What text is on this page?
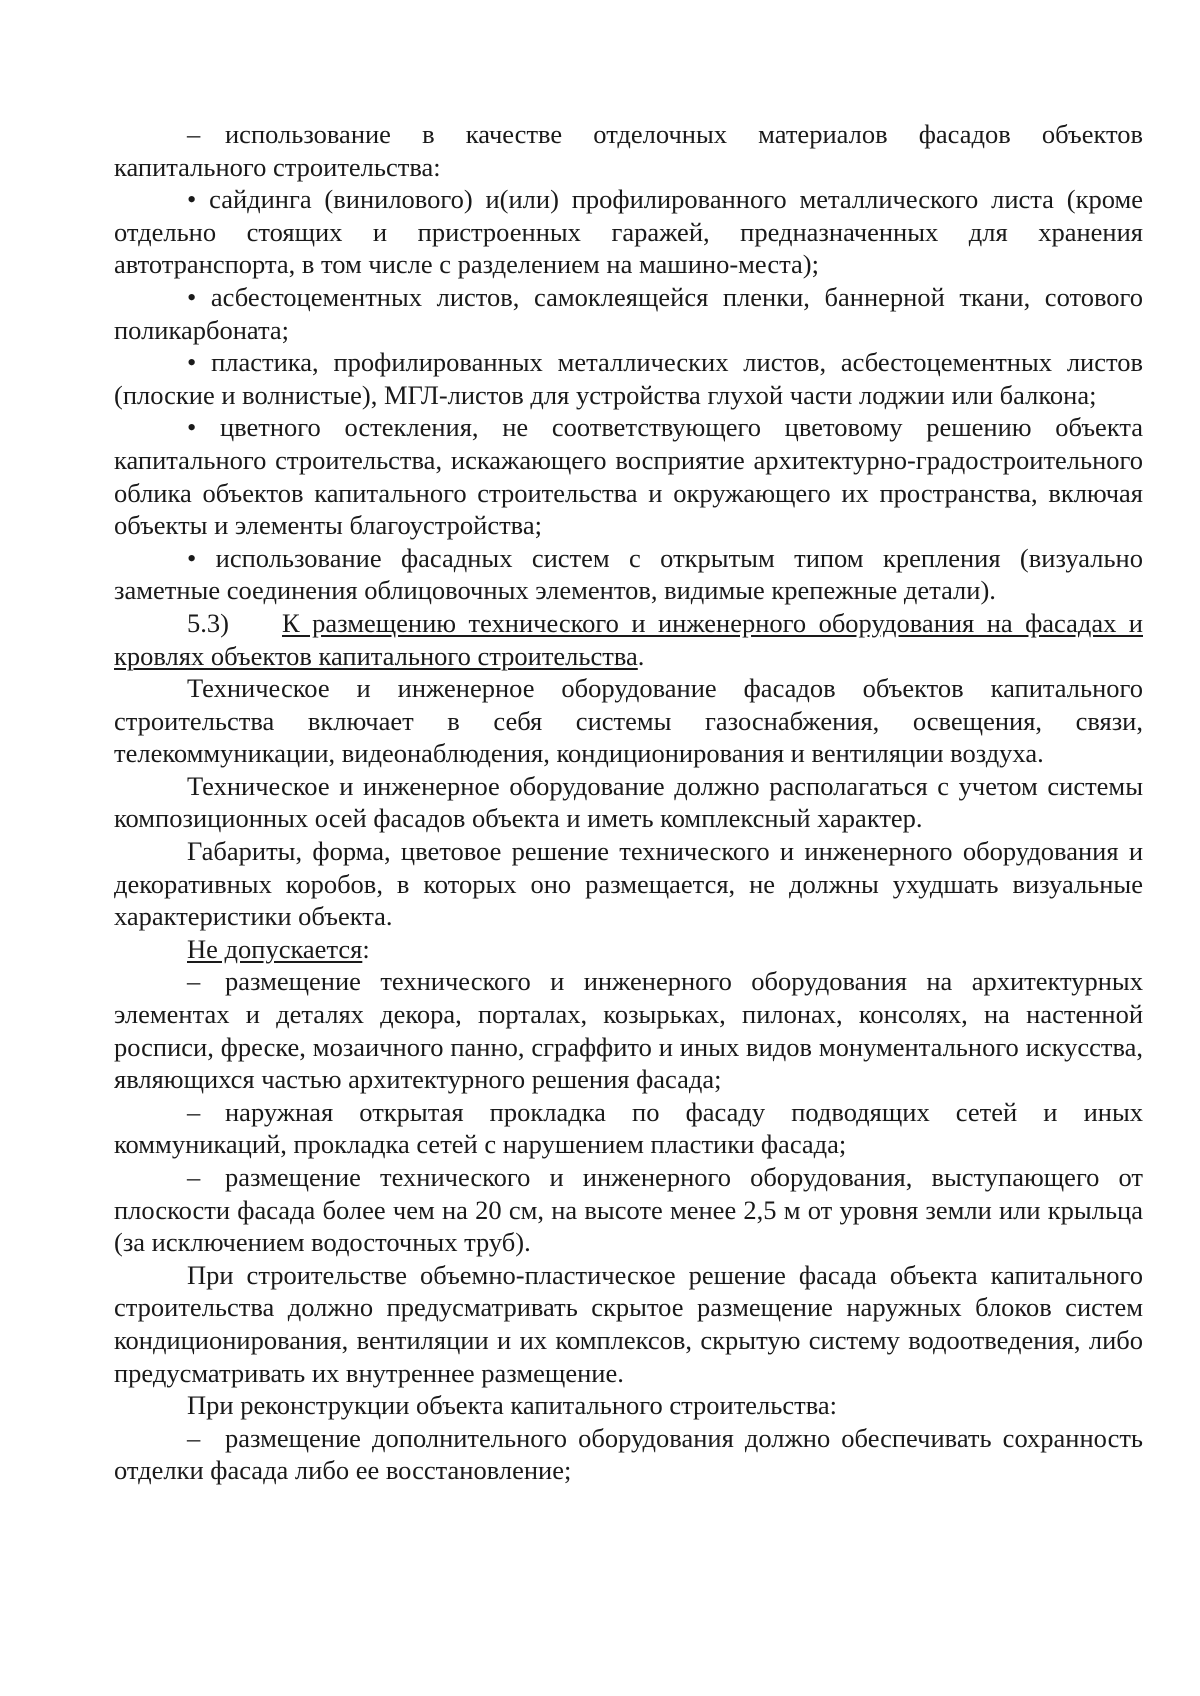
– использование в качестве отделочных материалов фасадов объектов капитального строительства:

• сайдинга (винилового) и(или) профилированного металлического листа (кроме отдельно стоящих и пристроенных гаражей, предназначенных для хранения автотранспорта, в том числе с разделением на машино-места);

• асбестоцементных листов, самоклеящейся пленки, баннерной ткани, сотового поликарбоната;

• пластика, профилированных металлических листов, асбестоцементных листов (плоские и волнистые), МГЛ-листов для устройства глухой части лоджии или балкона;

• цветного остекления, не соответствующего цветовому решению объекта капитального строительства, искажающего восприятие архитектурно-градостроительного облика объектов капитального строительства и окружающего их пространства, включая объекты и элементы благоустройства;

• использование фасадных систем с открытым типом крепления (визуально заметные соединения облицовочных элементов, видимые крепежные детали).

5.3) К размещению технического и инженерного оборудования на фасадах и кровлях объектов капитального строительства.

Техническое и инженерное оборудование фасадов объектов капитального строительства включает в себя системы газоснабжения, освещения, связи, телекоммуникации, видеонаблюдения, кондиционирования и вентиляции воздуха.

Техническое и инженерное оборудование должно располагаться с учетом системы композиционных осей фасадов объекта и иметь комплексный характер.

Габариты, форма, цветовое решение технического и инженерного оборудования и декоративных коробов, в которых оно размещается, не должны ухудшать визуальные характеристики объекта.

Не допускается:

– размещение технического и инженерного оборудования на архитектурных элементах и деталях декора, порталах, козырьках, пилонах, консолях, на настенной росписи, фреске, мозаичного панно, сграффито и иных видов монументального искусства, являющихся частью архитектурного решения фасада;

– наружная открытая прокладка по фасаду подводящих сетей и иных коммуникаций, прокладка сетей с нарушением пластики фасада;

– размещение технического и инженерного оборудования, выступающего от плоскости фасада более чем на 20 см, на высоте менее 2,5 м от уровня земли или крыльца (за исключением водосточных труб).

При строительстве объемно-пластическое решение фасада объекта капитального строительства должно предусматривать скрытое размещение наружных блоков систем кондиционирования, вентиляции и их комплексов, скрытую систему водоотведения, либо предусматривать их внутреннее размещение.

При реконструкции объекта капитального строительства:

– размещение дополнительного оборудования должно обеспечивать сохранность отделки фасада либо ее восстановление;
